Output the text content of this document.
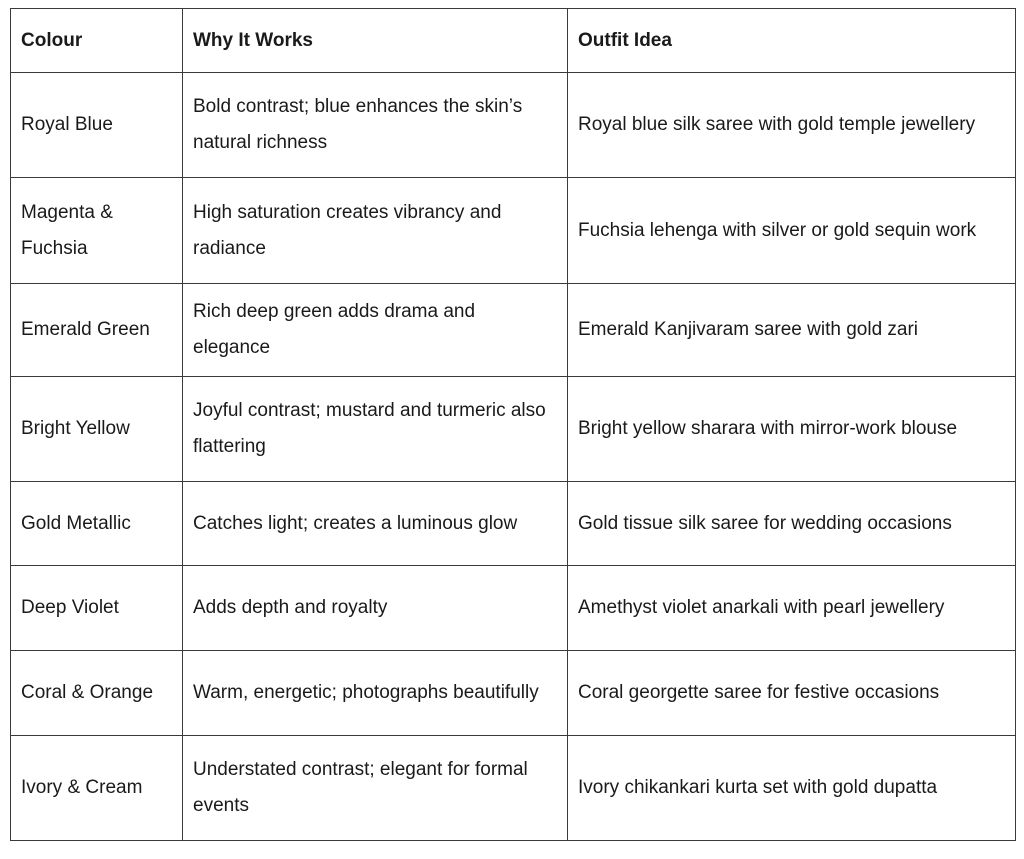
Colour	Why It Works	Outfit Idea
Royal Blue	Bold contrast; blue enhances the skin’s natural richness	Royal blue silk saree with gold temple jewellery
Magenta & Fuchsia	High saturation creates vibrancy and radiance	Fuchsia lehenga with silver or gold sequin work
Emerald Green	Rich deep green adds drama and elegance	Emerald Kanjivaram saree with gold zari
Bright Yellow	Joyful contrast; mustard and turmeric also flattering	Bright yellow sharara with mirror-work blouse
Gold Metallic	Catches light; creates a luminous glow	Gold tissue silk saree for wedding occasions
Deep Violet	Adds depth and royalty	Amethyst violet anarkali with pearl jewellery
Coral & Orange	Warm, energetic; photographs beautifully	Coral georgette saree for festive occasions
Ivory & Cream	Understated contrast; elegant for formal events	Ivory chikankari kurta set with gold dupatta
